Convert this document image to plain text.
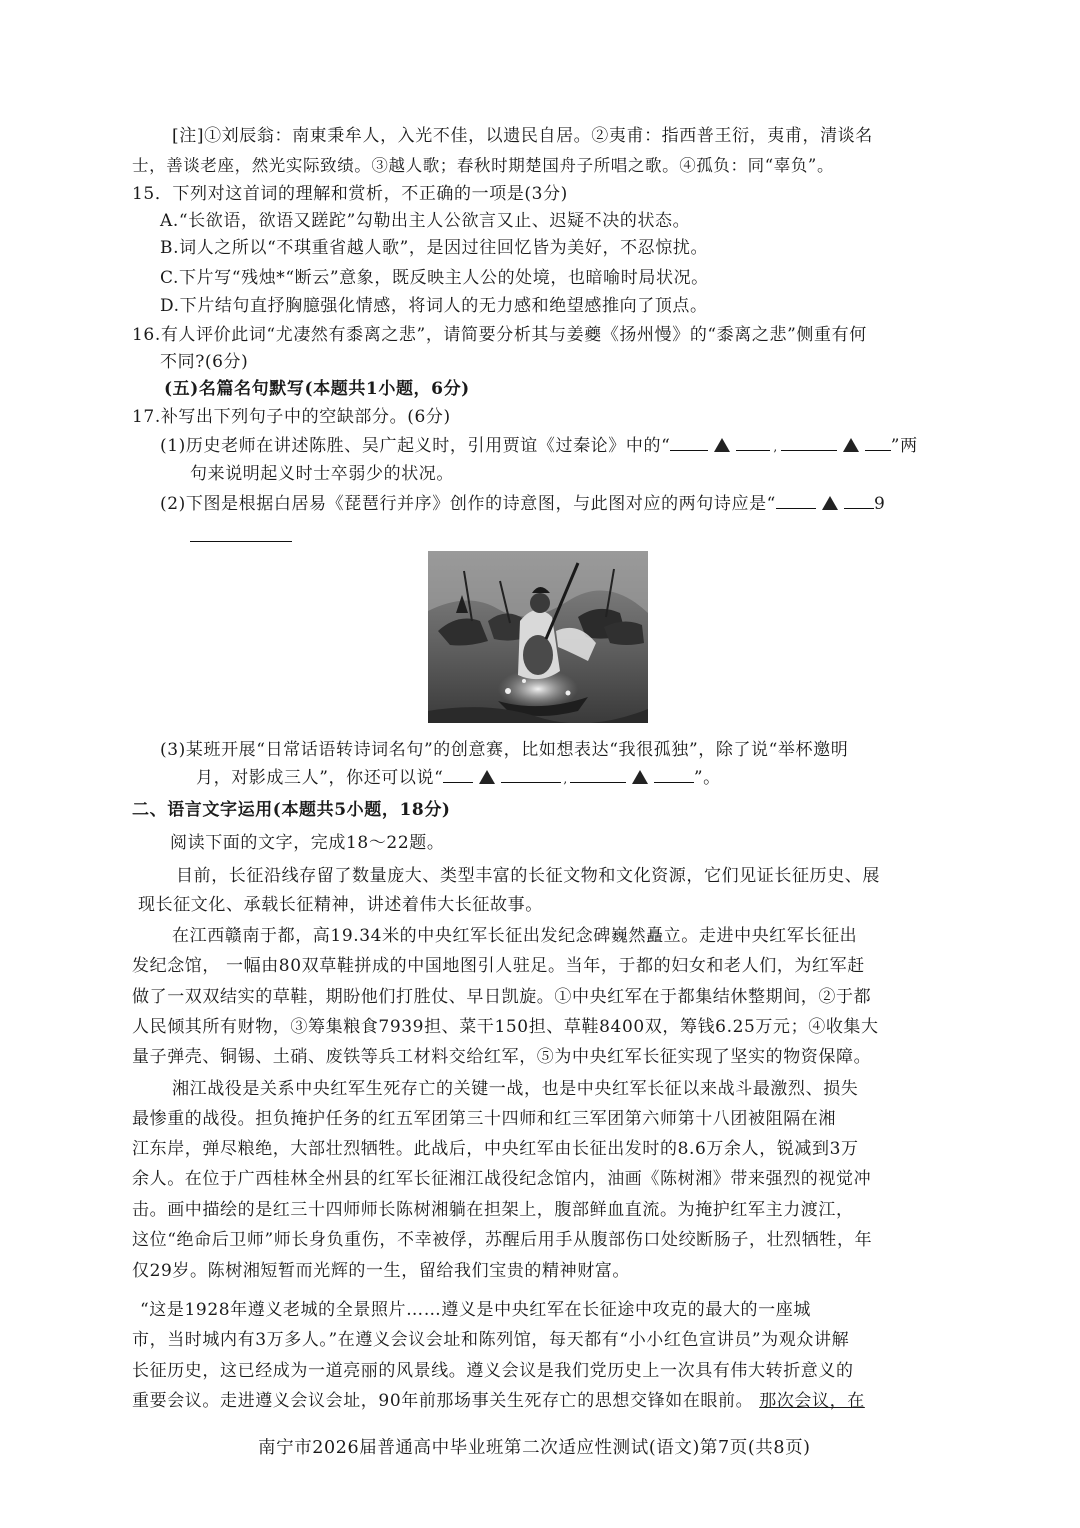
[注]①刘辰翁：南東秉牟人，入光不佳，以遗民自居。②夷甫：指西普王衍，夷甫，清谈名
士，善谈老座，然光实际致绩。③越人歌；春秋时期楚国舟子所唱之歌。④孤负：同“辜负”。
15．下列对这首词的理解和赏析，不正确的一项是(3分)
A.“长欲语，欲语又蹉跎”勾勒出主人公欲言又止、迟疑不决的状态。
B.词人之所以“不琪重省越人歌”，是因过往回忆皆为美好，不忍惊扰。
C.下片写“残烛*“断云”意象，既反映主人公的处境，也暗喻时局状况。
D.下片结句直抒胸臆强化情感，将词人的无力感和绝望感推向了顶点。
16.有人评价此词“尤凄然有黍离之悲”，请简要分析其与姜夔《扬州慢》的“黍离之悲”侧重有何
不同?(6分)
(五)名篇名句默写(本题共1小题，6分)
17.补写出下列句子中的空缺部分。(6分)
(1)历史老师在讲述陈胜、吴广起义时，引用贾谊《过秦论》中的“	,	”两
句来说明起义时士卒弱少的状况。
(2)下图是根据白居易《琵琶行并序》创作的诗意图，与此图对应的两句诗应是“	9
(3)某班开展“日常话语转诗词名句”的创意赛，比如想表达“我很孤独”，除了说“举杯邀明
月，对影成三人”，你还可以说“	,	”。
二、语言文字运用(本题共5小题，18分)
阅读下面的文字，完成18～22题。
目前，长征沿线存留了数量庞大、类型丰富的长征文物和文化资源，它们见证长征历史、展
现长征文化、承载长征精神，讲述着伟大长征故事。
在江西赣南于都，高19.34米的中央红军长征出发纪念碑巍然矗立。走进中央红军长征出
发纪念馆， 一幅由80双草鞋拼成的中国地图引人驻足。当年，于都的妇女和老人们，为红军赶
做了一双双结实的草鞋，期盼他们打胜仗、早日凯旋。①中央红军在于都集结休整期间，②于都
人民倾其所有财物，③筹集粮食7939担、菜干150担、草鞋8400双，筹钱6.25万元；④收集大
量子弹壳、铜锡、土硝、废铁等兵工材料交给红军，⑤为中央红军长征实现了坚实的物资保障。
湘江战役是关系中央红军生死存亡的关键一战，也是中央红军长征以来战斗最激烈、损失
最惨重的战役。担负掩护任务的红五军团第三十四师和红三军团第六师第十八团被阻隔在湘
江东岸，弹尽粮绝，大部壮烈牺牲。此战后，中央红军由长征出发时的8.6万余人，锐减到3万
余人。在位于广西桂林全州县的红军长征湘江战役纪念馆内，油画《陈树湘》带来强烈的视觉冲
击。画中描绘的是红三十四师师长陈树湘躺在担架上，腹部鲜血直流。为掩护红军主力渡江，
这位“绝命后卫师”师长身负重伤，不幸被俘，苏醒后用手从腹部伤口处绞断肠子，壮烈牺牲，年
仅29岁。陈树湘短暂而光辉的一生，留给我们宝贵的精神财富。
“这是1928年遵义老城的全景照片……遵义是中央红军在长征途中攻克的最大的一座城
市，当时城内有3万多人。”在遵义会议会址和陈列馆，每天都有“小小红色宣讲员”为观众讲解
长征历史，这已经成为一道亮丽的风景线。遵义会议是我们党历史上一次具有伟大转折意义的
重要会议。走进遵义会议会址，90年前那场事关生死存亡的思想交锋如在眼前。 那次会议，在
南宁市2026届普通高中毕业班第二次适应性测试(语文)第7页(共8页)
